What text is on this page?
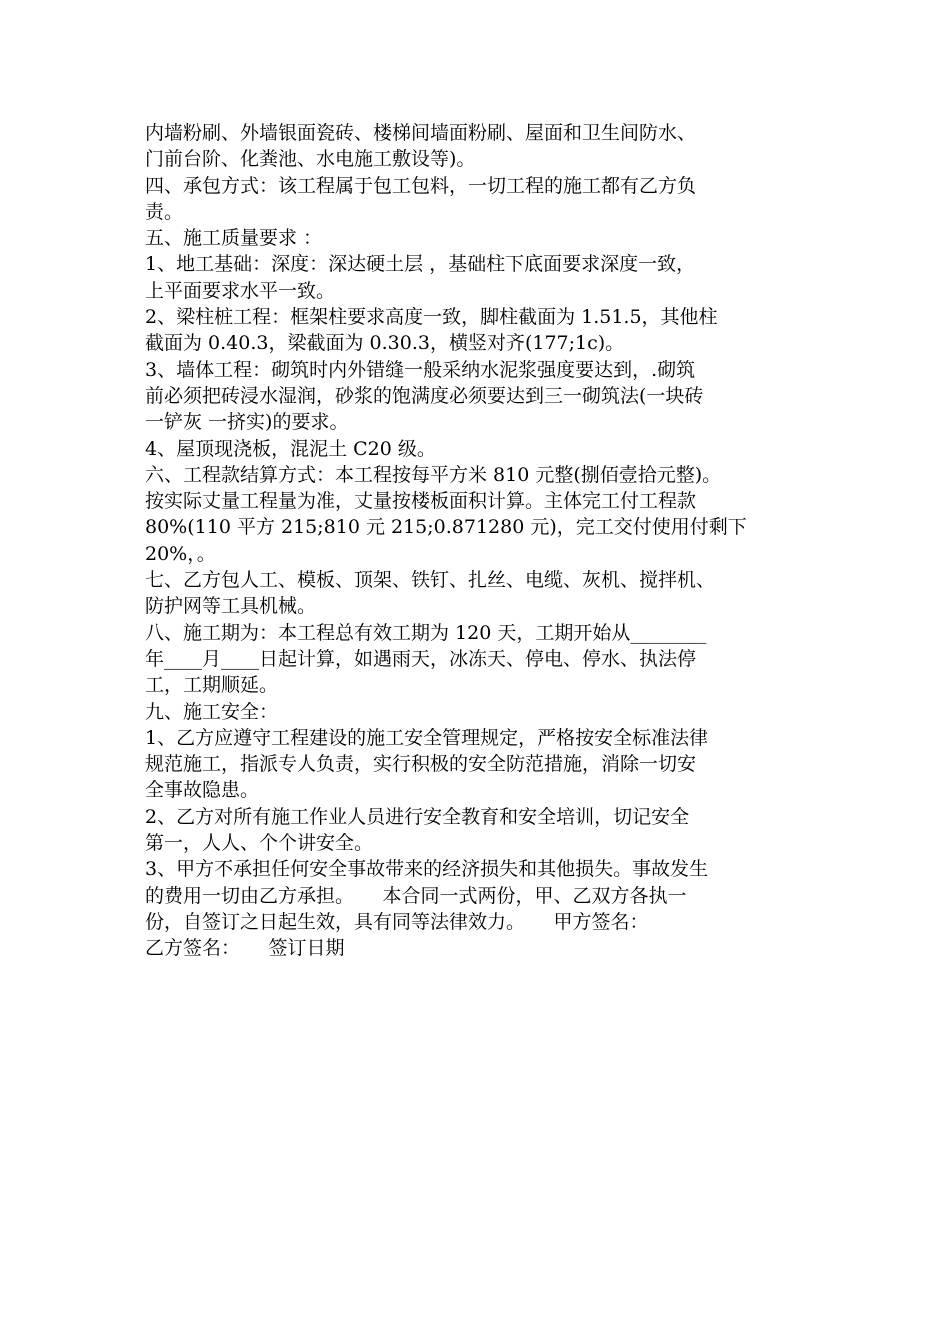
内墙粉刷、外墙银面瓷砖、楼梯间墙面粉刷、屋面和卫生间防水、
门前台阶、化粪池、水电施工敷设等)。
四、承包方式：该工程属于包工包料，一切工程的施工都有乙方负
责。
五、施工质量要求 ：
1、地工基础：深度：深达硬土层 ，基础柱下底面要求深度一致，
上平面要求水平一致。
2、梁柱桩工程：框架柱要求高度一致，脚柱截面为 1.51.5，其他柱
截面为 0.40.3，梁截面为 0.30.3，横竖对齐(177;1c)。
3、墙体工程：砌筑时内外错缝一般采纳水泥浆强度要达到，.砌筑
前必须把砖浸水湿润，砂浆的饱满度必须要达到三一砌筑法(一块砖
一铲灰 一挤实)的要求。
4、屋顶现浇板，混泥土 C20 级。
六、工程款结算方式：本工程按每平方米 810 元整(捌佰壹拾元整)。
按实际丈量工程量为准，丈量按楼板面积计算。主体完工付工程款
80%(110 平方 215;810 元 215;0.871280 元)，完工交付使用付剩下
20%，。
七、乙方包人工、模板、顶架、铁钉、扎丝、电缆、灰机、搅拌机、
防护网等工具机械。
八、施工期为：本工程总有效工期为 120 天，工期开始从________
年____月____日起计算，如遇雨天，冰冻天、停电、停水、执法停
工，工期顺延。
九、施工安全：
1、乙方应遵守工程建设的施工安全管理规定，严格按安全标准法律
规范施工，指派专人负责，实行积极的安全防范措施，消除一切安
全事故隐患。
2、乙方对所有施工作业人员进行安全教育和安全培训，切记安全
第一，人人、个个讲安全。
3、甲方不承担任何安全事故带来的经济损失和其他损失。事故发生
的费用一切由乙方承担。　　本合同一式两份，甲、乙双方各执一
份，自签订之日起生效，具有同等法律效力。　　甲方签名：
乙方签名：　　签订日期
